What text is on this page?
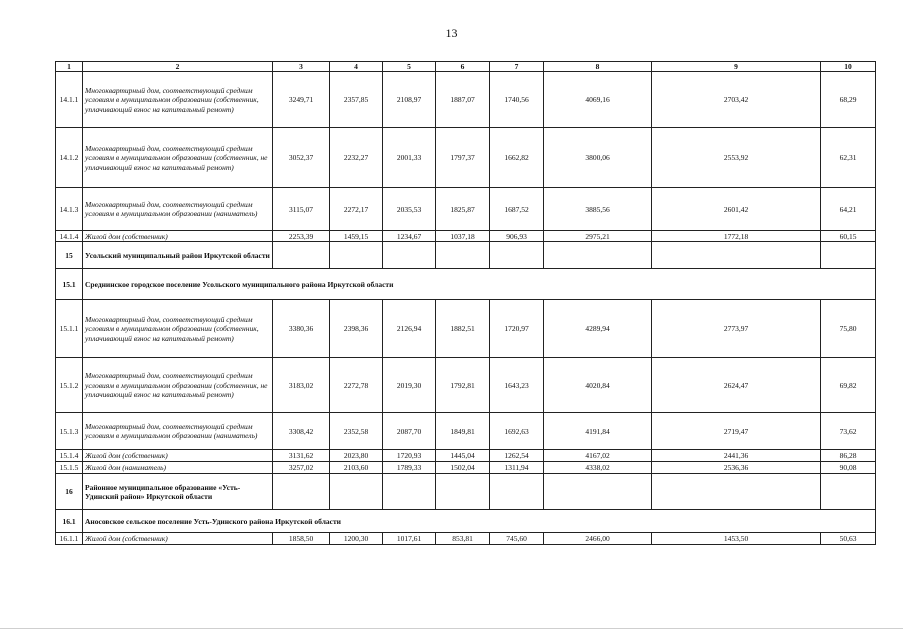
13
1	2	3	4	5	6	7	8	9	10
14.1.1	Многоквартирный дом, соответствующий средним условиям в муниципальном образовании (собственник, уплачивающий взнос на капитальный ремонт)	3249,71	2357,85	2108,97	1887,07	1740,56	4069,16	2703,42	68,29
14.1.2	Многоквартирный дом, соответствующий средним условиям в муниципальном образовании (собственник, не уплачивающий взнос на капитальный ремонт)	3052,37	2232,27	2001,33	1797,37	1662,82	3800,06	2553,92	62,31
14.1.3	Многоквартирный дом, соответствующий средним условиям в муниципальном образовании (наниматель)	3115,07	2272,17	2035,53	1825,87	1687,52	3885,56	2601,42	64,21
14.1.4	Жилой дом (собственник)	2253,39	1459,15	1234,67	1037,18	906,93	2975,21	1772,18	60,15
15	Усольский муниципальный район Иркутской области								
15.1	Среднинское городское поселение Усольского муниципального района Иркутской области								
15.1.1	Многоквартирный дом, соответствующий средним условиям в муниципальном образовании (собственник, уплачивающий взнос на капитальный ремонт)	3380,36	2398,36	2126,94	1882,51	1720,97	4289,94	2773,97	75,80
15.1.2	Многоквартирный дом, соответствующий средним условиям в муниципальном образовании (собственник, не уплачивающий взнос на капитальный ремонт)	3183,02	2272,78	2019,30	1792,81	1643,23	4020,84	2624,47	69,82
15.1.3	Многоквартирный дом, соответствующий средним условиям в муниципальном образовании (наниматель)	3308,42	2352,58	2087,70	1849,81	1692,63	4191,84	2719,47	73,62
15.1.4	Жилой дом (собственник)	3131,62	2023,80	1720,93	1445,04	1262,54	4167,02	2441,36	86,28
15.1.5	Жилой дом (наниматель)	3257,02	2103,60	1789,33	1502,04	1311,94	4338,02	2536,36	90,08
16	Районное муниципальное образование «Усть-Удинский район» Иркутской области								
16.1	Аносовское сельское поселение Усть-Удинского района Иркутской области								
16.1.1	Жилой дом (собственник)	1858,50	1200,30	1017,61	853,81	745,60	2466,00	1453,50	50,63
